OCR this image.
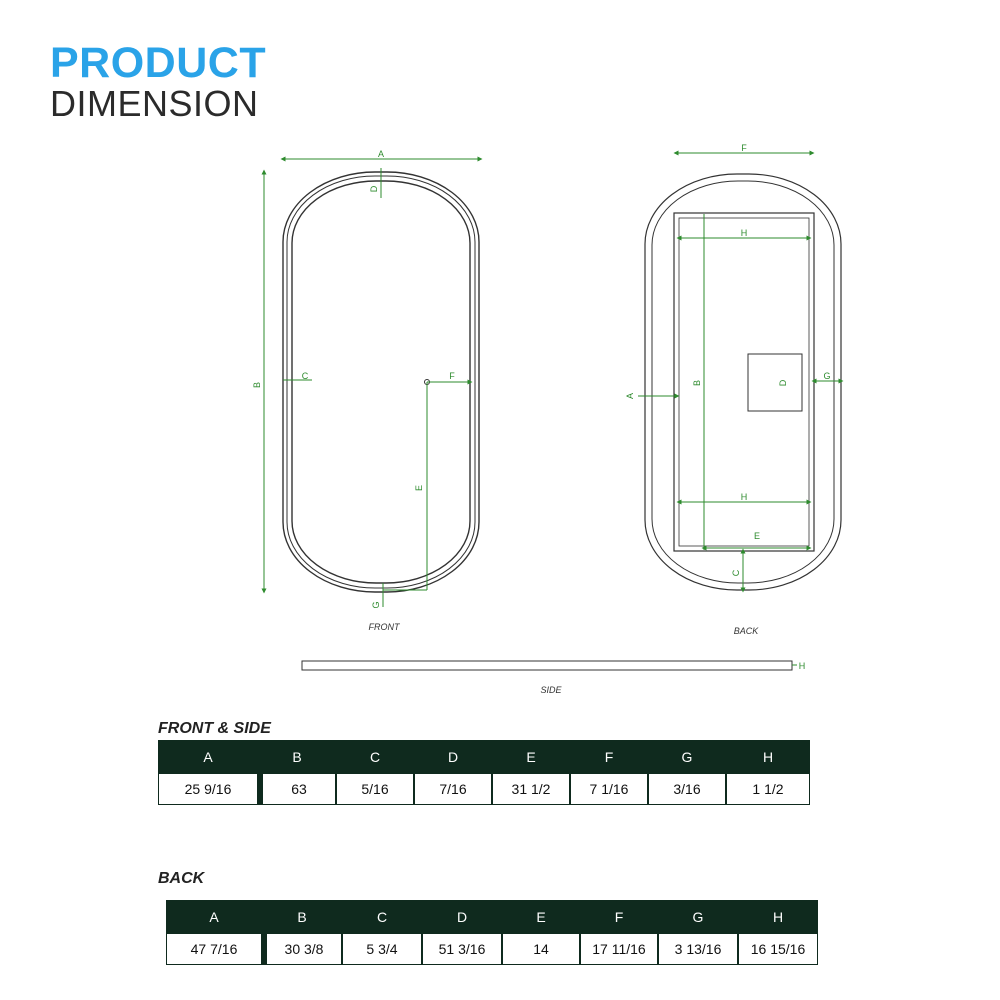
PRODUCT
DIMENSION
A
B
C
D
F
E
G
FRONT
F
H
H
B
A
D
G
E
C
BACK
H
SIDE
FRONT & SIDE
A	B	C	D	E	F	G	H
25 9/16	63	5/16	7/16	31 1/2	7 1/16	3/16	1 1/2
BACK
A	B	C	D	E	F	G	H
47 7/16	30 3/8	5 3/4	51 3/16	14	17 11/16	3 13/16	16 15/16
